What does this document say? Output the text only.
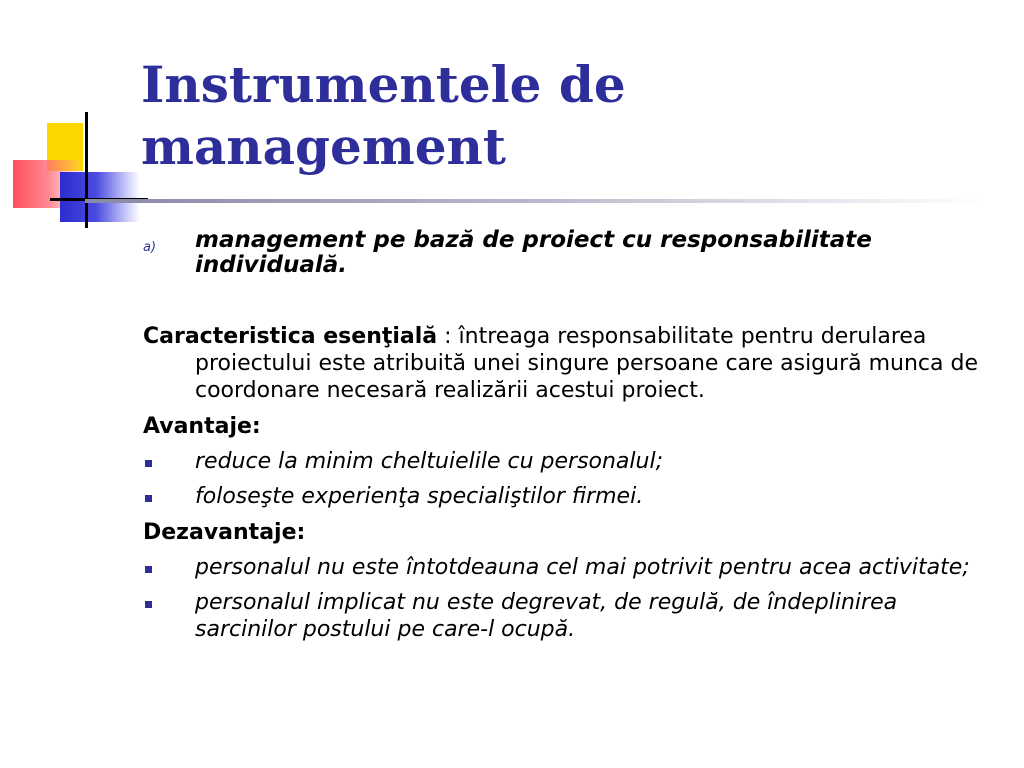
Instrumentele de
management
a) management pe bază de proiect cu responsabilitate individuală.
Caracteristica esenţială : întreaga responsabilitate pentru derularea proiectului este atribuită unei singure persoane care asigură munca de coordonare necesară realizării acestui proiect.
Avantaje:
reduce la minim cheltuielile cu personalul;
foloseşte experienţa specialiştilor firmei.
Dezavantaje:
personalul nu este întotdeauna cel mai potrivit pentru acea activitate;
personalul implicat nu este degrevat, de regulă, de îndeplinirea sarcinilor postului pe care-l ocupă.
